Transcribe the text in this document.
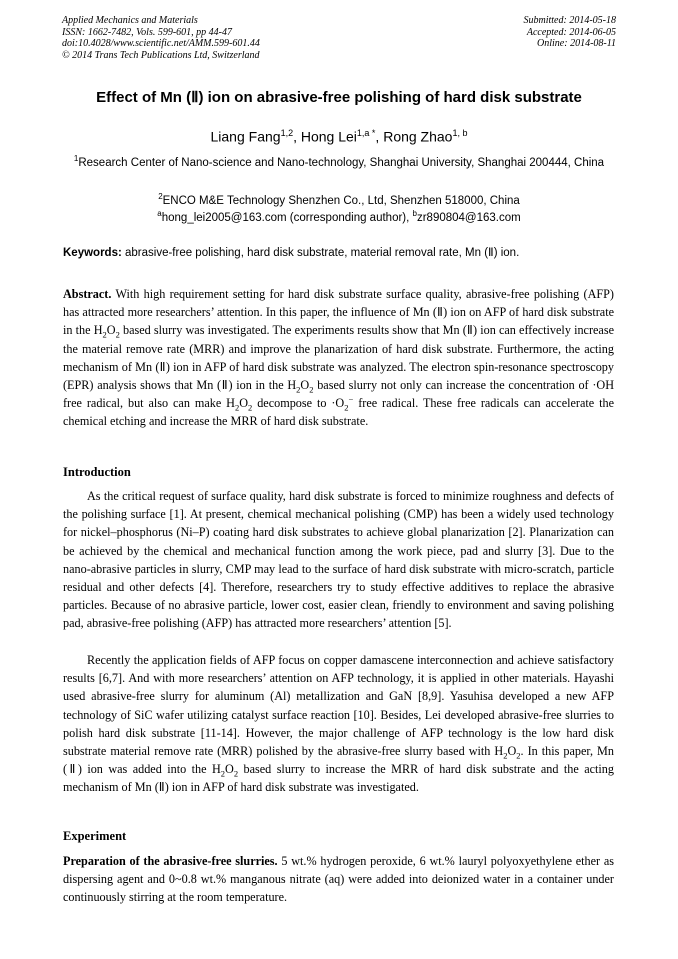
Applied Mechanics and Materials
ISSN: 1662-7482, Vols. 599-601, pp 44-47
doi:10.4028/www.scientific.net/AMM.599-601.44
© 2014 Trans Tech Publications Ltd, Switzerland
Submitted: 2014-05-18
Accepted: 2014-06-05
Online: 2014-08-11
Effect of Mn (Ⅱ) ion on abrasive-free polishing of hard disk substrate
Liang Fang$^{1,2}$, Hong Lei$^{1,a *}$, Rong Zhao$^{1, b}$
$^1$Research Center of Nano-science and Nano-technology, Shanghai University, Shanghai 200444, China
$^2$ENCO M&E Technology Shenzhen Co., Ltd, Shenzhen 518000, China
$^a$hong_lei2005@163.com (corresponding author), $^b$zr890804@163.com
Keywords: abrasive-free polishing, hard disk substrate, material removal rate, Mn (Ⅱ) ion.
Abstract. With high requirement setting for hard disk substrate surface quality, abrasive-free polishing (AFP) has attracted more researchers’ attention. In this paper, the influence of Mn (Ⅱ) ion on AFP of hard disk substrate in the $H_2O_2$ based slurry was investigated. The experiments results show that Mn (Ⅱ) ion can effectively increase the material remove rate (MRR) and improve the planarization of hard disk substrate. Furthermore, the acting mechanism of Mn (Ⅱ) ion in AFP of hard disk substrate was analyzed. The electron spin-resonance spectroscopy (EPR) analysis shows that Mn (Ⅱ) ion in the $H_2O_2$ based slurry not only can increase the concentration of ·OH free radical, but also can make $H_2O_2$ decompose to $\cdot O_2^-$ free radical. These free radicals can accelerate the chemical etching and increase the MRR of hard disk substrate.
Introduction
As the critical request of surface quality, hard disk substrate is forced to minimize roughness and defects of the polishing surface [1]. At present, chemical mechanical polishing (CMP) has been a widely used technology for nickel–phosphorus (Ni–P) coating hard disk substrates to achieve global planarization [2]. Planarization can be achieved by the chemical and mechanical function among the work piece, pad and slurry [3]. Due to the nano-abrasive particles in slurry, CMP may lead to the surface of hard disk substrate with micro-scratch, particle residual and other defects [4]. Therefore, researchers try to study effective additives to replace the abrasive particles. Because of no abrasive particle, lower cost, easier clean, friendly to environment and saving polishing pad, abrasive-free polishing (AFP) has attracted more researchers’ attention [5].
Recently the application fields of AFP focus on copper damascene interconnection and achieve satisfactory results [6,7]. And with more researchers’ attention on AFP technology, it is applied in other materials. Hayashi used abrasive-free slurry for aluminum (Al) metallization and GaN [8,9]. Yasuhisa developed a new AFP technology of SiC wafer utilizing catalyst surface reaction [10]. Besides, Lei developed abrasive-free slurries to polish hard disk substrate [11-14]. However, the major challenge of AFP technology is the low hard disk substrate material remove rate (MRR) polished by the abrasive-free slurry based with $H_2O_2$. In this paper, Mn (Ⅱ) ion was added into the $H_2O_2$ based slurry to increase the MRR of hard disk substrate and the acting mechanism of Mn (Ⅱ) ion in AFP of hard disk substrate was investigated.
Experiment
Preparation of the abrasive-free slurries. 5 wt.% hydrogen peroxide, 6 wt.% lauryl polyoxyethylene ether as dispersing agent and 0~0.8 wt.% manganous nitrate (aq) were added into deionized water in a container under continuously stirring at the room temperature.
